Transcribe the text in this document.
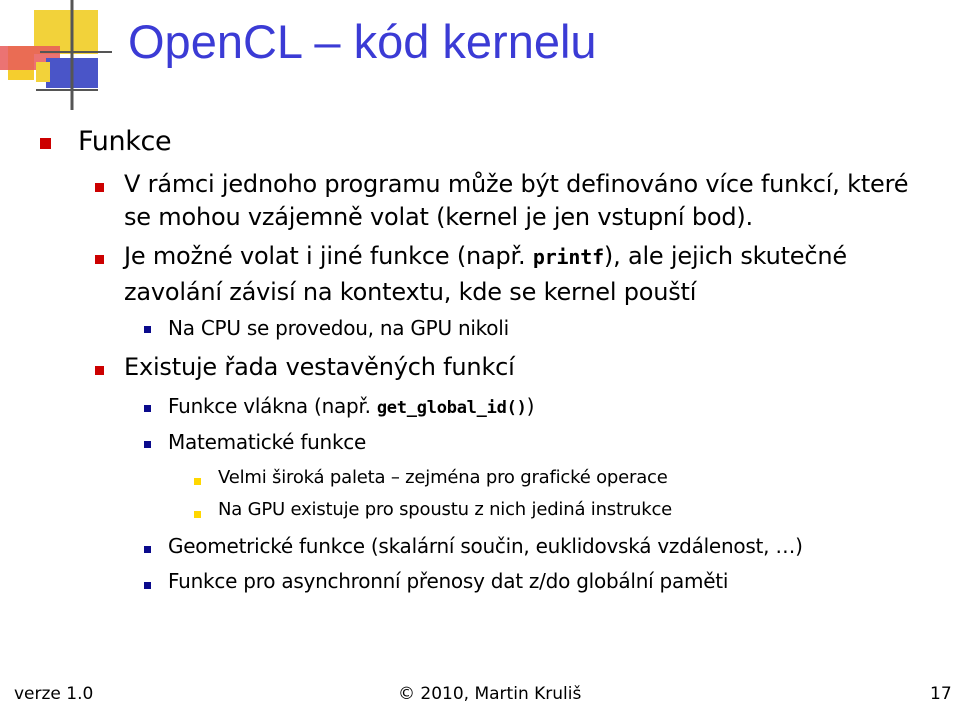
OpenCL – kód kernelu
Funkce
V rámci jednoho programu může být definováno více funkcí, které
se mohou vzájemně volat (kernel je jen vstupní bod).
Je možné volat i jiné funkce (např. printf), ale jejich skutečné
zavolání závisí na kontextu, kde se kernel pouští
Na CPU se provedou, na GPU nikoli
Existuje řada vestavěných funkcí
Funkce vlákna (např. get_global_id())
Matematické funkce
Velmi široká paleta – zejména pro grafické operace
Na GPU existuje pro spoustu z nich jediná instrukce
Geometrické funkce (skalární součin, euklidovská vzdálenost, …)
Funkce pro asynchronní přenosy dat z/do globální paměti
verze 1.0	© 2010, Martin Kruliš	17
